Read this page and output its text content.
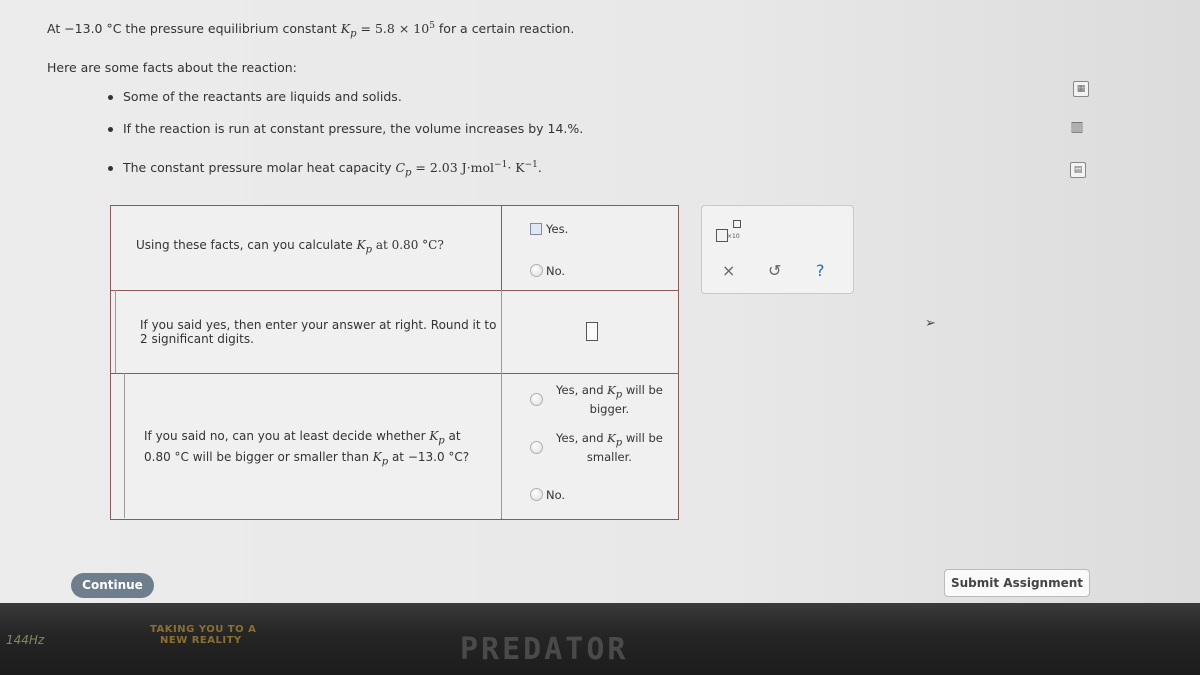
At −13.0 °C the pressure equilibrium constant $K_p = 5.8 \times 10^5$ for a certain reaction.
Here are some facts about the reaction:
Some of the reactants are liquids and solids.
If the reaction is run at constant pressure, the volume increases by 14.%.
The constant pressure molar heat capacity $C_p = 2.03$ $J\cdot mol^{-1}\cdot K^{-1}$.
Using these facts, can you calculate $K_p$ at 0.80 °C?
Yes.
No.
If you said yes, then enter your answer at right. Round it to
2 significant digits.
If you said no, can you at least decide whether $K_p$ at
0.80 °C will be bigger or smaller than $K_p$ at −13.0 °C?
Yes, and $K_p$ will be
bigger.
Yes, and $K_p$ will be
smaller.
No.
×10
× ↺ ?
▦
▥
▤
➢
Continue	Submit Assignment
144Hz
TAKING YOU TO A
NEW REALITY	PREDATOR
